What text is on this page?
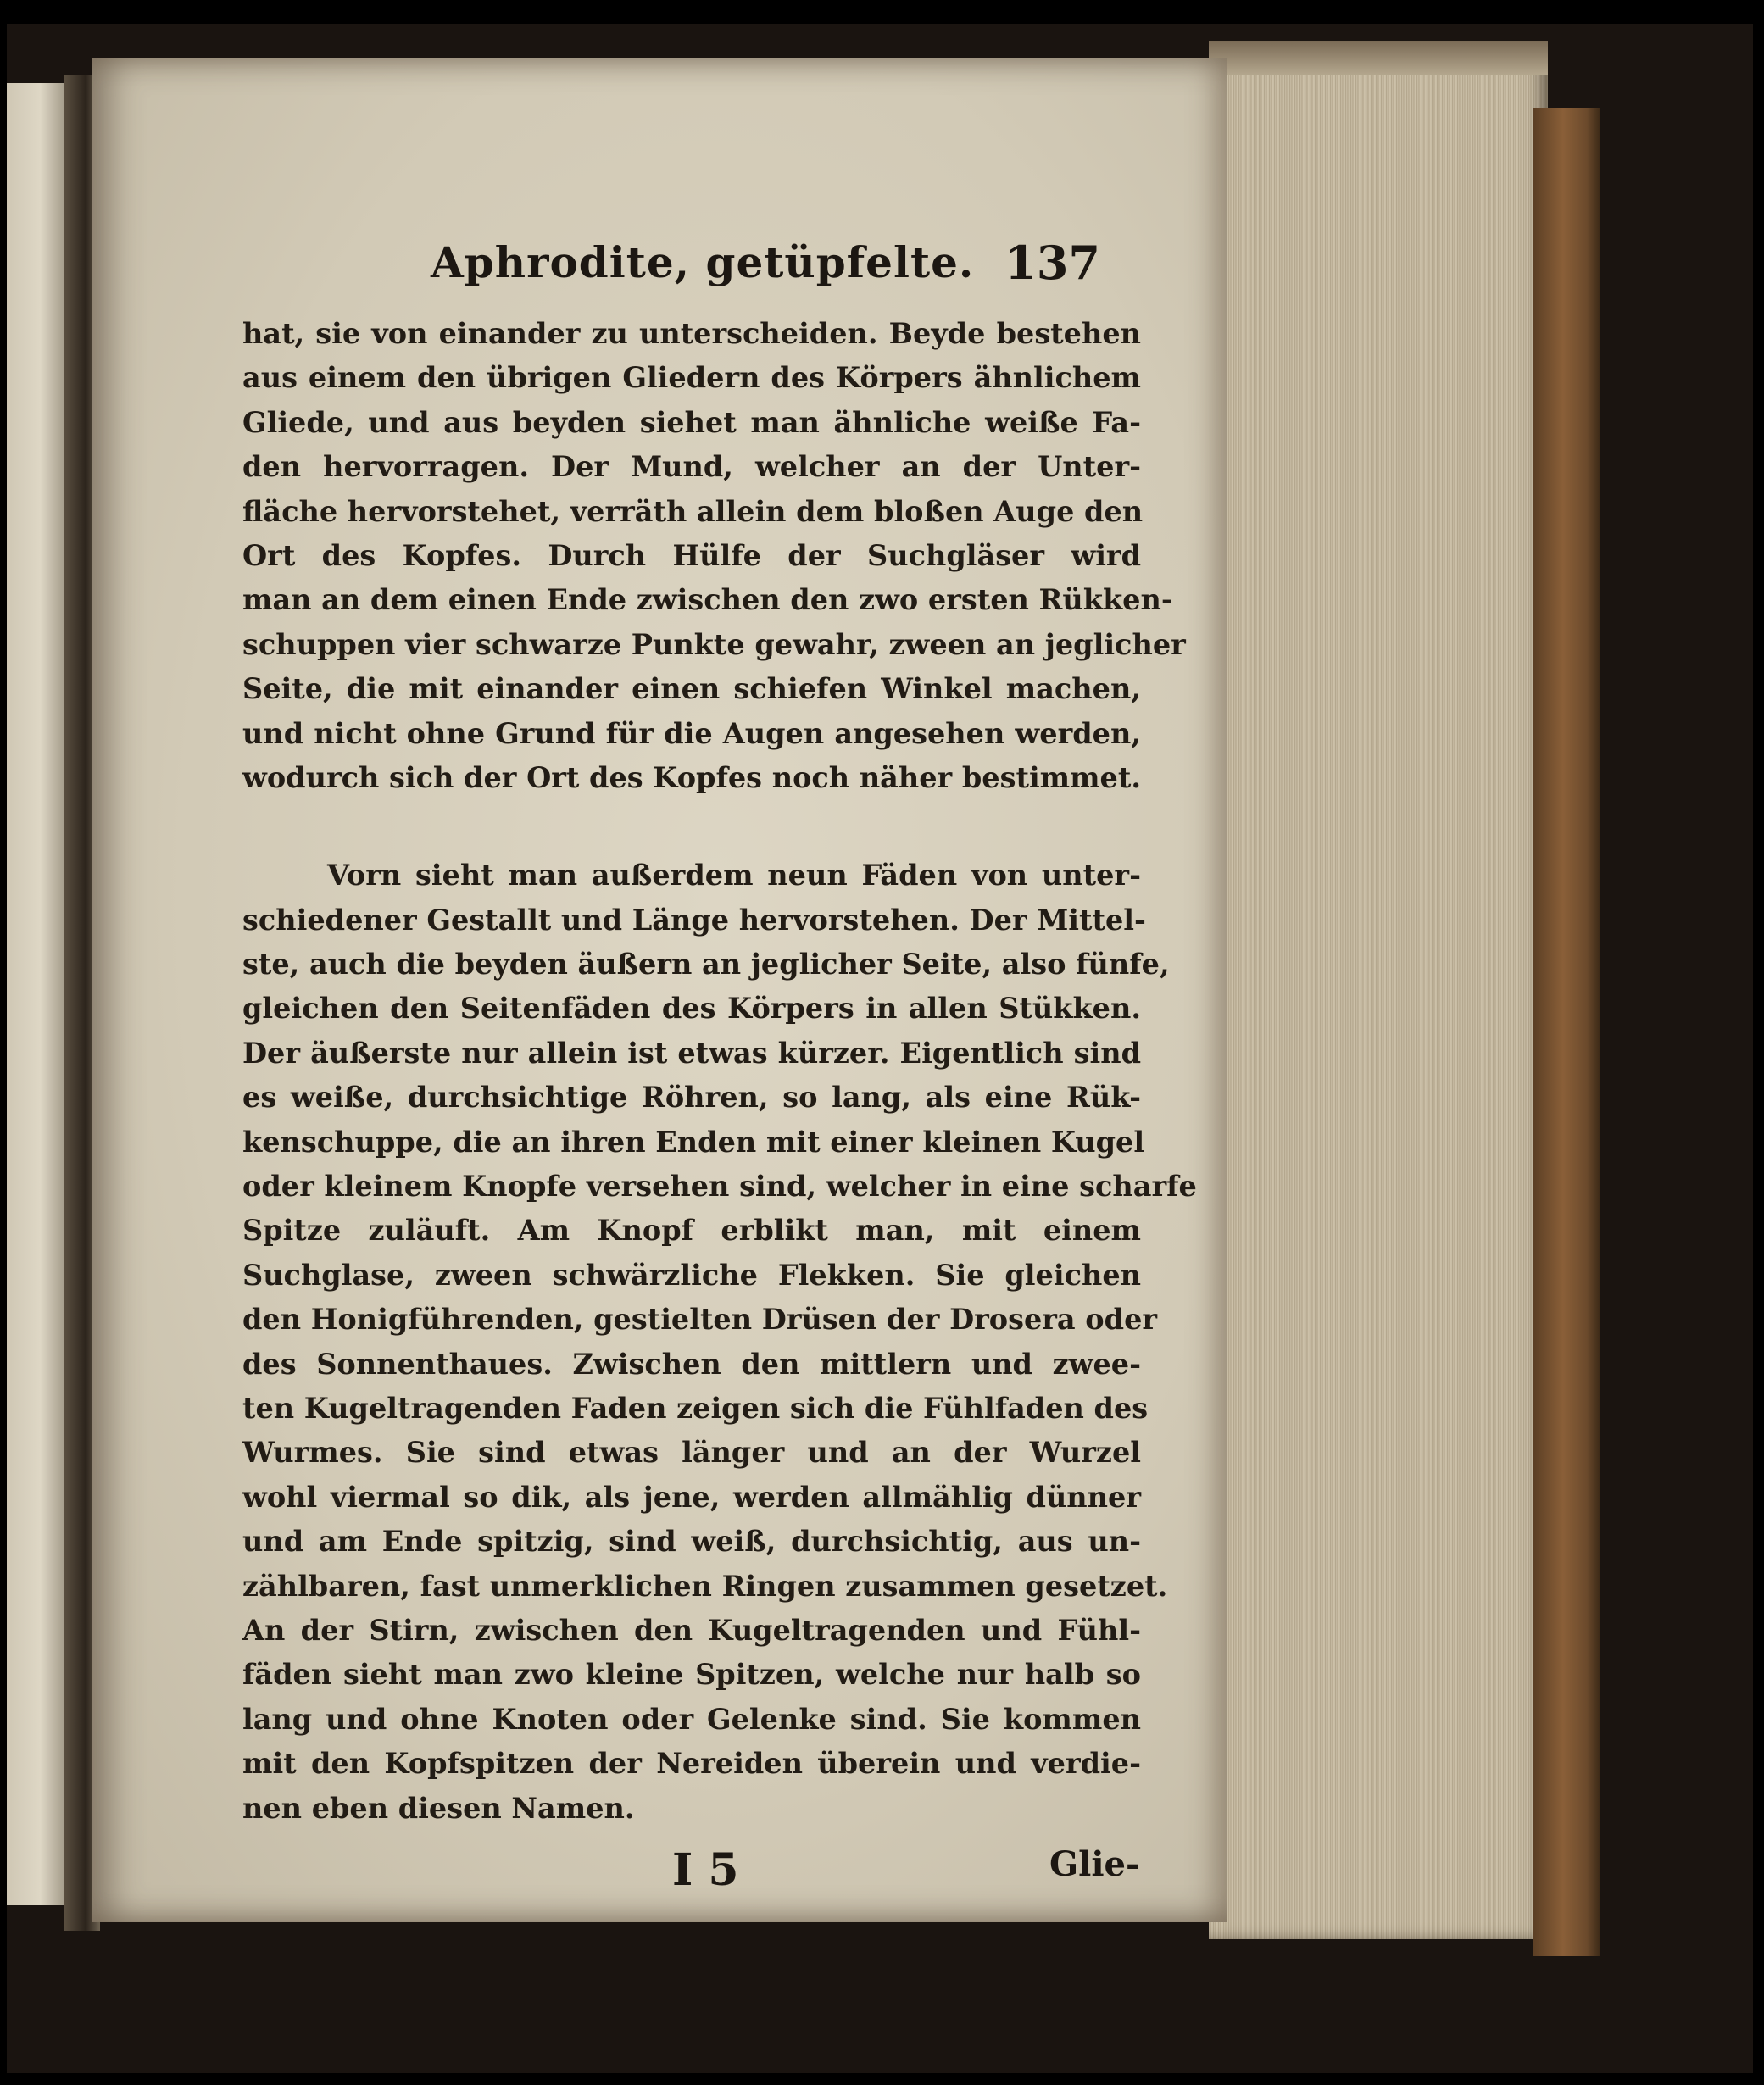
Aphrodite, getüpfelte. 137
hat, sie von einander zu unterscheiden. Beyde bestehen
aus einem den übrigen Gliedern des Körpers ähnlichem
Gliede, und aus beyden siehet man ähnliche weiße Fa-
den hervorragen. Der Mund, welcher an der Unter-
fläche hervorstehet, verräth allein dem bloßen Auge den
Ort des Kopfes. Durch Hülfe der Suchgläser wird
man an dem einen Ende zwischen den zwo ersten Rükken-
schuppen vier schwarze Punkte gewahr, zween an jeglicher
Seite, die mit einander einen schiefen Winkel machen,
und nicht ohne Grund für die Augen angesehen werden,
wodurch sich der Ort des Kopfes noch näher bestimmet.
Vorn sieht man außerdem neun Fäden von unter-
schiedener Gestallt und Länge hervorstehen. Der Mittel-
ste, auch die beyden äußern an jeglicher Seite, also fünfe,
gleichen den Seitenfäden des Körpers in allen Stükken.
Der äußerste nur allein ist etwas kürzer. Eigentlich sind
es weiße, durchsichtige Röhren, so lang, als eine Rük-
kenschuppe, die an ihren Enden mit einer kleinen Kugel
oder kleinem Knopfe versehen sind, welcher in eine scharfe
Spitze zuläuft. Am Knopf erblikt man, mit einem
Suchglase, zween schwärzliche Flekken. Sie gleichen
den Honigführenden, gestielten Drüsen der Drosera oder
des Sonnenthaues. Zwischen den mittlern und zwee-
ten Kugeltragenden Faden zeigen sich die Fühlfaden des
Wurmes. Sie sind etwas länger und an der Wurzel
wohl viermal so dik, als jene, werden allmählig dünner
und am Ende spitzig, sind weiß, durchsichtig, aus un-
zählbaren, fast unmerklichen Ringen zusammen gesetzet.
An der Stirn, zwischen den Kugeltragenden und Fühl-
fäden sieht man zwo kleine Spitzen, welche nur halb so
lang und ohne Knoten oder Gelenke sind. Sie kommen
mit den Kopfspitzen der Nereiden überein und verdie-
nen eben diesen Namen.
I 5	Glie-
